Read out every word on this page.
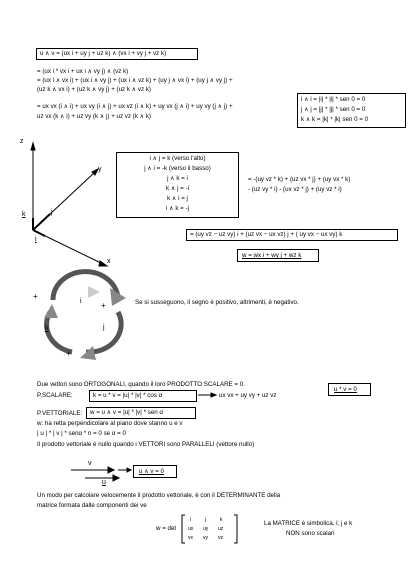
u ∧ v = (ux i + uy j + uz k) ∧ (vx i + vy j + vz k)
= (ux i * vx i + ux i ∧ vy j) ∧ (vz k)
= (ux i ∧ vx i) + (ux i ∧ vy j) + (ux i ∧ vz k) + (uy j ∧ vx i) + (uy j ∧ vy j) +
(uz k ∧ vx i) + (uz k ∧ vy j) + (uz k ∧ vz k)
= ux vx (i ∧ i) + ux vy (i ∧ j) + ux vz (i ∧ k) + uy vx (j ∧ i) + uy vy (j ∧ j) +
uz vx (k ∧ i) + uz vy (k ∧ j) + uz vz (k ∧ k)
i ∧ i = |i| * |i| * sen 0 = 0
j ∧ j = |j| * |j| * sen 0 = 0
k ∧ k = |k| * |k| sen 0 = 0
z
y
x
k	j
i
i ∧ j = k (verso l'alto)
j ∧ i = -k (verso il basso)
j ∧ k = i
k ∧ j = -i
k ∧ i = j
i ∧ k = -j
= -(uy vz * k) + (uz vx * j) + (uy vx * k)
- (uz vy * i) - (ux vz * j) + (uy vz * i)
= (uy vz − uz vy) i + (uz vx − ux vz) j + ( uy vx − ux vy) k
w = wx i + wy j + wz k
+
+
+
i
j
k
Se si susseguono, il segno è positivo, altrimenti, è negativo.
Due vettori sono ORTOGONALI, quando il loro PRODOTTO SCALARE = 0.
u * v = 0
P.SCALARE:	k = u * v = |u| * |v| * cos α	ux vx + uy vy + uz vz
P.VETTORIALE: w = u ∧ v = |u| * |v| * sen α
w: ha retta perpendicolare al piano dove stanno u e v
| u | * | v | * senα * n = 0 se α = 0
Il prodotto vettoriale è nullo quando i VETTORI sono PARALLELI (vettore nullo)
v
u
u ∧ v = 0
Un modo per calcolare velocemente il prodotto vettoriale, è con il DETERMINANTE della
matrice formata dalle componenti dei ve
w = det
i	j	k
ux uy uz
vx vy vz
La MATRICE è simbolica, i; j e k
NON sono scalari
